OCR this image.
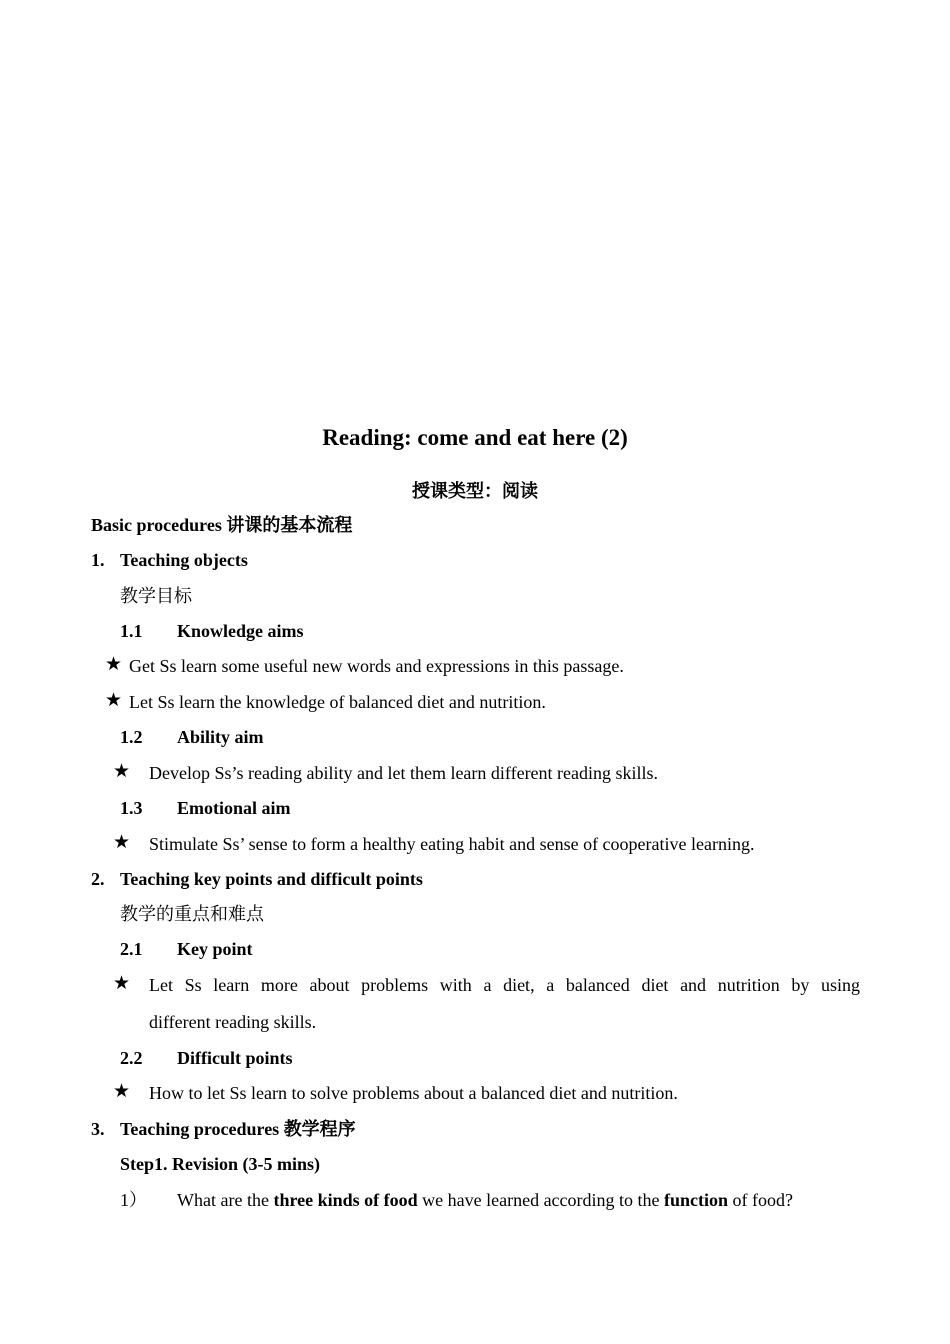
Reading: come and eat here (2)
授课类型：阅读
Basic procedures 讲课的基本流程
1. Teaching objects
教学目标
1.1 Knowledge aims
★ Get Ss learn some useful new words and expressions in this passage.
★ Let Ss learn the knowledge of balanced diet and nutrition.
1.2 Ability aim
★ Develop Ss’s reading ability and let them learn different reading skills.
1.3 Emotional aim
★ Stimulate Ss’ sense to form a healthy eating habit and sense of cooperative learning.
2. Teaching key points and difficult points
教学的重点和难点
2.1 Key point
★ Let Ss learn more about problems with a diet, a balanced diet and nutrition by using
different reading skills.
2.2 Difficult points
★ How to let Ss learn to solve problems about a balanced diet and nutrition.
3. Teaching procedures 教学程序
Step1. Revision (3-5 mins)
1） What are the three kinds of food we have learned according to the function of food?
